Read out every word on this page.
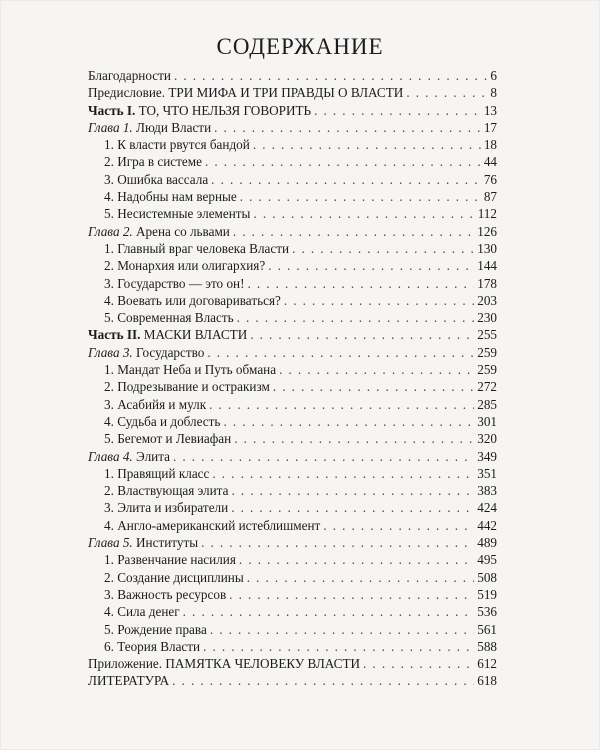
СОДЕРЖАНИЕ
Благодарности . . .	6
Предисловие. ТРИ МИФА И ТРИ ПРАВДЫ О ВЛАСТИ . . .	8
Часть I. ТО, ЧТО НЕЛЬЗЯ ГОВОРИТЬ . . .	13
Глава 1. Люди Власти . . .	17
1. К власти рвутся бандой . . .	18
2. Игра в системе . . .	44
3. Ошибка вассала . . .	76
4. Надобны нам верные . . .	87
5. Несистемные элементы . . .	112
Глава 2. Арена со львами . . .	126
1. Главный враг человека Власти . . .	130
2. Монархия или олигархия? . . .	144
3. Государство — это он! . . .	178
4. Воевать или договариваться? . . .	203
5. Современная Власть . . .	230
Часть II. МАСКИ ВЛАСТИ . . .	255
Глава 3. Государство . . .	259
1. Мандат Неба и Путь обмана . . .	259
2. Подрезывание и остракизм . . .	272
3. Асабийя и мулк . . .	285
4. Судьба и доблесть . . .	301
5. Бегемот и Левиафан . . .	320
Глава 4. Элита . . .	349
1. Правящий класс . . .	351
2. Властвующая элита . . .	383
3. Элита и избиратели . . .	424
4. Англо-американский истеблишмент . . .	442
Глава 5. Институты . . .	489
1. Развенчание насилия . . .	495
2. Создание дисциплины . . .	508
3. Важность ресурсов . . .	519
4. Сила денег . . .	536
5. Рождение права . . .	561
6. Теория Власти . . .	588
Приложение. ПАМЯТКА ЧЕЛОВЕКУ ВЛАСТИ . . .	612
ЛИТЕРАТУРА . . .	618
